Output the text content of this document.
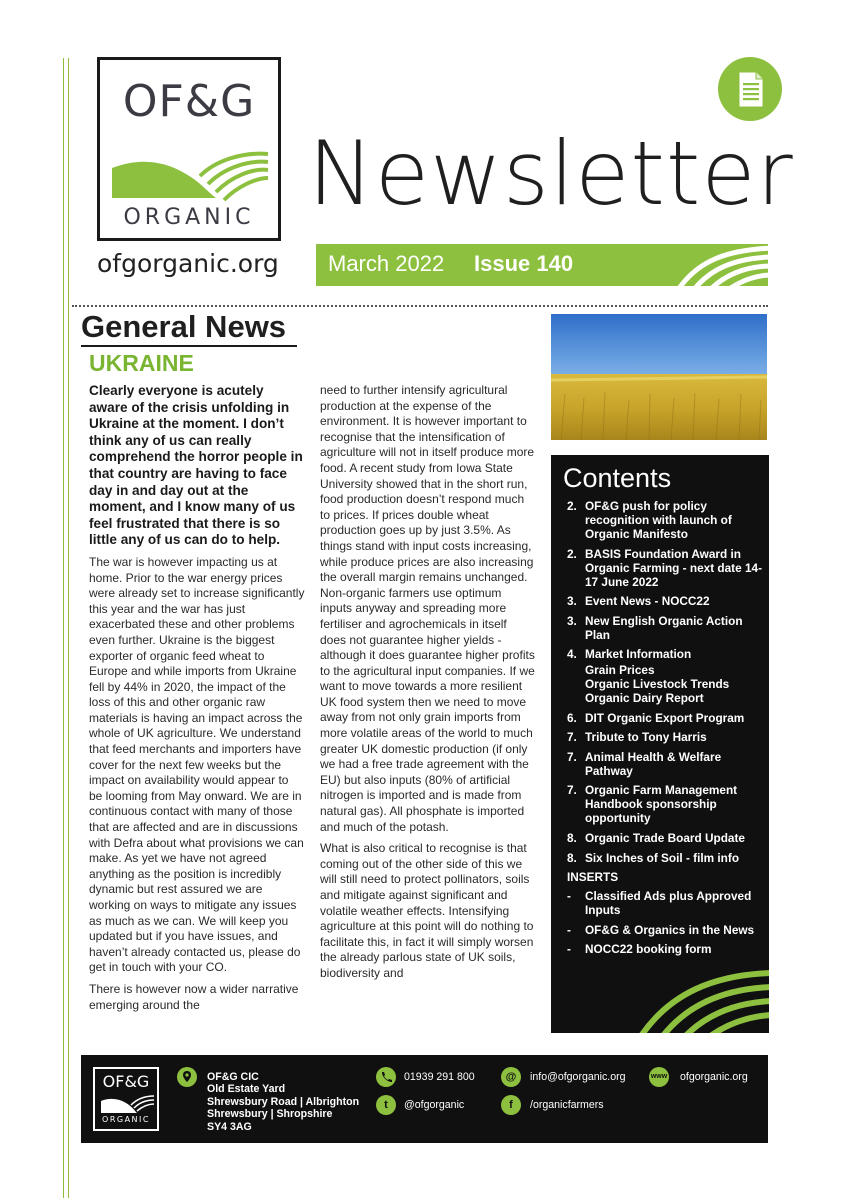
OF&G
ORGANIC
ofgorganic.org
Newsletter
March 2022 Issue 140
General News
UKRAINE

Clearly everyone is acutely aware of the crisis unfolding in Ukraine at the moment. I don’t think any of us can really comprehend the horror people in that country are having to face day in and day out at the moment, and I know many of us feel frustrated that there is so little any of us can do to help.

The war is however impacting us at home. Prior to the war energy prices were already set to increase significantly this year and the war has just exacerbated these and other problems even further. Ukraine is the biggest exporter of organic feed wheat to Europe and while imports from Ukraine fell by 44% in 2020, the impact of the loss of this and other organic raw materials is having an impact across the whole of UK agriculture. We understand that feed merchants and importers have cover for the next few weeks but the impact on availability would appear to be looming from May onward. We are in continuous contact with many of those that are affected and are in discussions with Defra about what provisions we can make. As yet we have not agreed anything as the position is incredibly dynamic but rest assured we are working on ways to mitigate any issues as much as we can. We will keep you updated but if you have issues, and haven’t already contacted us, please do get in touch with your CO.

There is however now a wider narrative emerging around the

need to further intensify agricultural production at the expense of the environment. It is however important to recognise that the intensification of agriculture will not in itself produce more food. A recent study from Iowa State University showed that in the short run, food production doesn’t respond much to prices. If prices double wheat production goes up by just 3.5%. As things stand with input costs increasing, while produce prices are also increasing the overall margin remains unchanged. Non-organic farmers use optimum inputs anyway and spreading more fertiliser and agrochemicals in itself does not guarantee higher yields - although it does guarantee higher profits to the agricultural input companies. If we want to move towards a more resilient UK food system then we need to move away from not only grain imports from more volatile areas of the world to much greater UK domestic production (if only we had a free trade agreement with the EU) but also inputs (80% of artificial nitrogen is imported and is made from natural gas). All phosphate is imported and much of the potash.

What is also critical to recognise is that coming out of the other side of this we will still need to protect pollinators, soils and mitigate against significant and volatile weather effects. Intensifying agriculture at this point will do nothing to facilitate this, in fact it will simply worsen the already parlous state of UK soils, biodiversity and

Contents
2. OF&G push for policy recognition with launch of Organic Manifesto
2. BASIS Foundation Award in Organic Farming - next date 14-17 June 2022
3. Event News - NOCC22
3. New English Organic Action Plan
4. Market Information
Grain Prices
Organic Livestock Trends
Organic Dairy Report
6. DIT Organic Export Program
7. Tribute to Tony Harris
7. Animal Health & Welfare Pathway
7. Organic Farm Management Handbook sponsorship opportunity
8. Organic Trade Board Update
8. Six Inches of Soil - film info
INSERTS
-	Classified Ads plus Approved Inputs
-	OF&G & Organics in the News
-	NOCC22 booking form
OF&G
ORGANIC
OF&G CIC
Old Estate Yard
Shrewsbury Road | Albrighton
Shrewsbury | Shropshire
SY4 3AG
01939 291 800	@	info@ofgorganic.org	www ofgorganic.org
t	@ofgorganic	f	/organicfarmers
